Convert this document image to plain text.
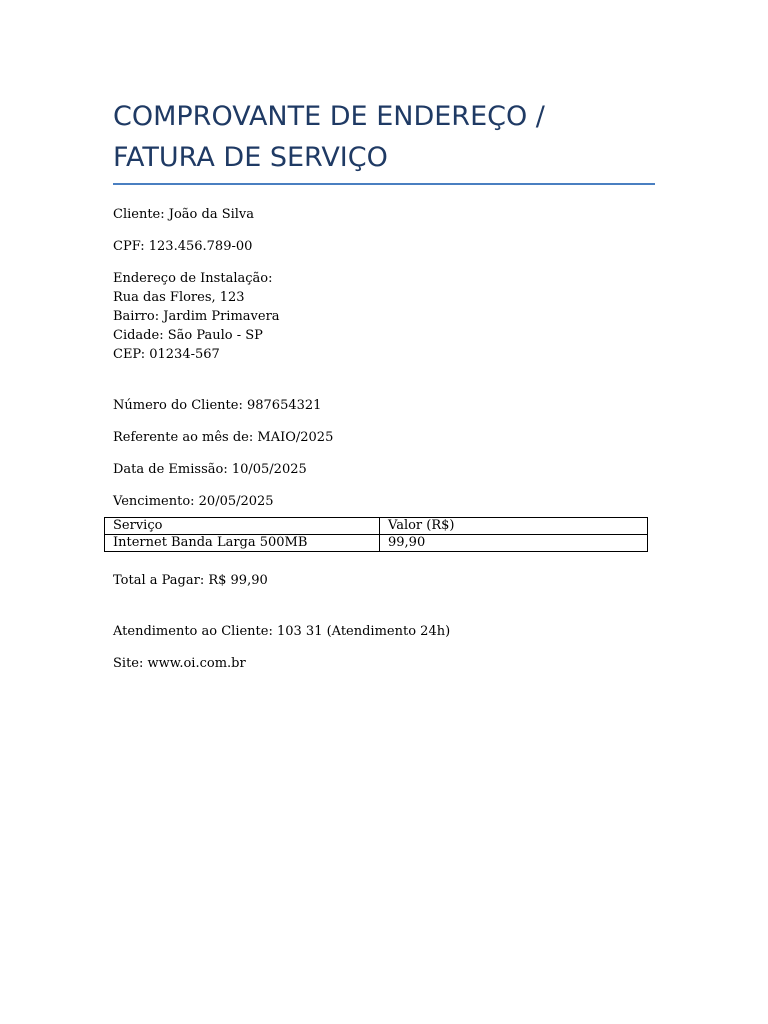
COMPROVANTE DE ENDEREÇO /
FATURA DE SERVIÇO

Cliente: João da Silva

CPF: 123.456.789-00

Endereço de Instalação:
Rua das Flores, 123
Bairro: Jardim Primavera
Cidade: São Paulo - SP
CEP: 01234-567

Número do Cliente: 987654321

Referente ao mês de: MAIO/2025

Data de Emissão: 10/05/2025

Vencimento: 20/05/2025

Serviço	Valor (R$)
Internet Banda Larga 500MB	99,90

Total a Pagar: R$ 99,90

Atendimento ao Cliente: 103 31 (Atendimento 24h)

Site: www.oi.com.br
